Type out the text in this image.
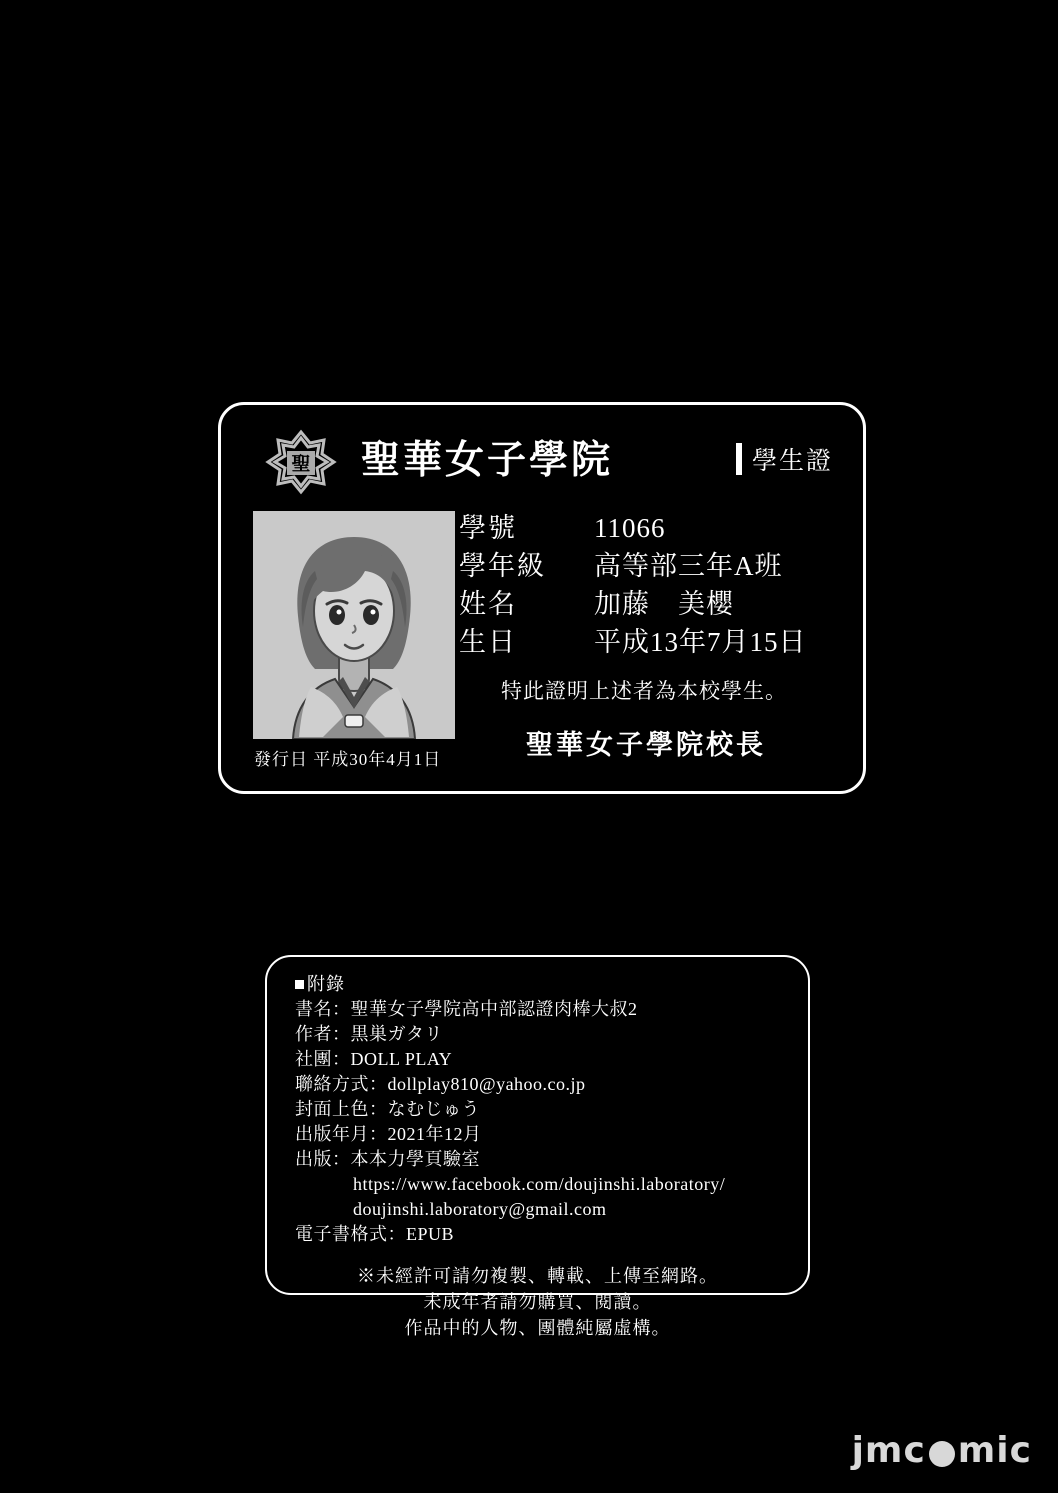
聖 聖華女子學院	學生證
發行日 平成30年4月1日
學號	11066
學年級	高等部三年A班
姓名	加藤　美櫻
生日	平成13年7月15日
特此證明上述者為本校學生。
聖華女子學院校長
附錄
書名：聖華女子學院高中部認證肉棒大叔2
作者：黒巣ガタリ
社團：DOLL PLAY
聯絡方式：dollplay810@yahoo.co.jp
封面上色：なむじゅう
出版年月：2021年12月
出版：本本力學頁驗室
https://www.facebook.com/doujinshi.laboratory/
doujinshi.laboratory@gmail.com
電子書格式：EPUB
※未經許可請勿複製、轉載、上傳至網路。
未成年者請勿購買、閱讀。
作品中的人物、團體純屬虛構。
jmc mic
